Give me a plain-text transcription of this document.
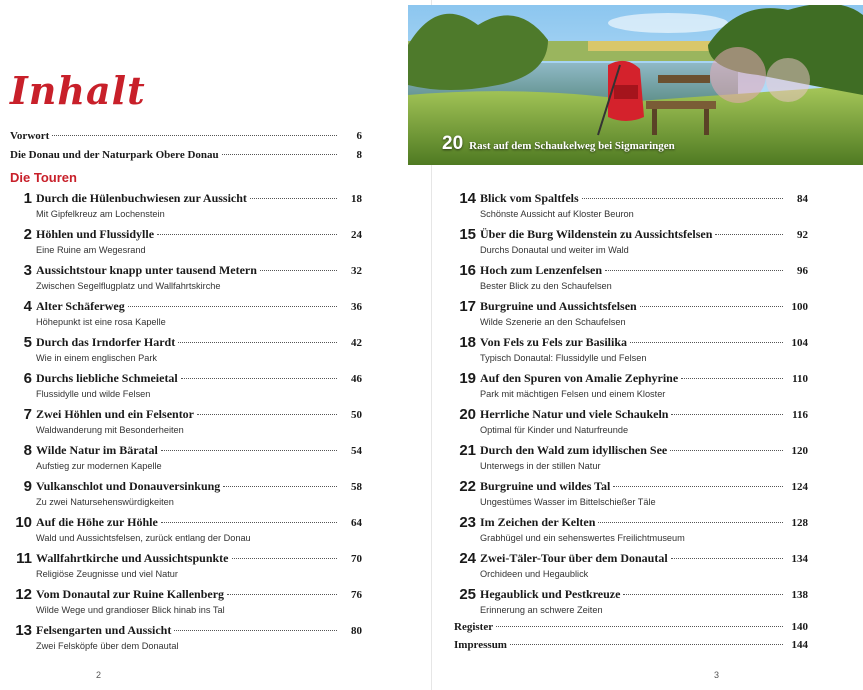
Inhalt
Vorwort	6
Die Donau und der Naturpark Obere Donau	8
Die Touren
1 Durch die Hülenbuchwiesen zur Aussicht	18
Mit Gipfelkreuz am Lochenstein
2 Höhlen und Flussidylle	24
Eine Ruine am Wegesrand
3 Aussichtstour knapp unter tausend Metern	32
Zwischen Segelflugplatz und Wallfahrtskirche
4 Alter Schäferweg	36
Höhepunkt ist eine rosa Kapelle
5 Durch das Irndorfer Hardt	42
Wie in einem englischen Park
6 Durchs liebliche Schmeietal	46
Flussidylle und wilde Felsen
7 Zwei Höhlen und ein Felsentor	50
Waldwanderung mit Besonderheiten
8 Wilde Natur im Bäratal	54
Aufstieg zur modernen Kapelle
9 Vulkanschlot und Donauversinkung	58
Zu zwei Natursehenswürdigkeiten
10 Auf die Höhe zur Höhle	64
Wald und Aussichtsfelsen, zurück entlang der Donau
11 Wallfahrtkirche und Aussichtspunkte	70
Religiöse Zeugnisse und viel Natur
12 Vom Donautal zur Ruine Kallenberg	76
Wilde Wege und grandioser Blick hinab ins Tal
13 Felsengarten und Aussicht	80
Zwei Felsköpfe über dem Donautal
2
20 Rast auf dem Schaukelweg bei Sigmaringen
14 Blick vom Spaltfels	84
Schönste Aussicht auf Kloster Beuron
15 Über die Burg Wildenstein zu Aussichtsfelsen	92
Durchs Donautal und weiter im Wald
16 Hoch zum Lenzenfelsen	96
Bester Blick zu den Schaufelsen
17 Burgruine und Aussichtsfelsen	100
Wilde Szenerie an den Schaufelsen
18 Von Fels zu Fels zur Basilika	104
Typisch Donautal: Flussidylle und Felsen
19 Auf den Spuren von Amalie Zephyrine	110
Park mit mächtigen Felsen und einem Kloster
20 Herrliche Natur und viele Schaukeln	116
Optimal für Kinder und Naturfreunde
21 Durch den Wald zum idyllischen See	120
Unterwegs in der stillen Natur
22 Burgruine und wildes Tal	124
Ungestümes Wasser im Bittelschießer Täle
23 Im Zeichen der Kelten	128
Grabhügel und ein sehenswertes Freilichtmuseum
24 Zwei-Täler-Tour über dem Donautal	134
Orchideen und Hegaublick
25 Hegaublick und Pestkreuze	138
Erinnerung an schwere Zeiten
Register	140
Impressum	144
3
